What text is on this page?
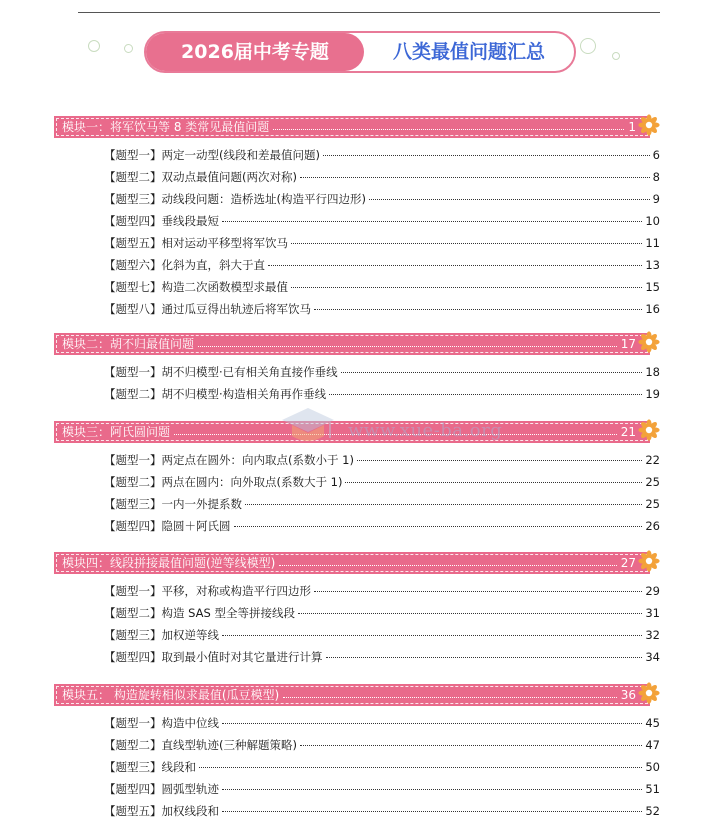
2026届中考专题	八类最值问题汇总
模块一：将军饮马等 8 类常见最值问题	1
【题型一】两定一动型(线段和差最值问题)	6
【题型二】双动点最值问题(两次对称)	8
【题型三】动线段问题：造桥选址(构造平行四边形)	9
【题型四】垂线段最短	10
【题型五】相对运动平移型将军饮马	11
【题型六】化斜为直，斜大于直	13
【题型七】构造二次函数模型求最值	15
【题型八】通过瓜豆得出轨迹后将军饮马	16
模块二：胡不归最值问题	17
【题型一】胡不归模型·已有相关角直接作垂线	18
【题型二】胡不归模型·构造相关角再作垂线	19
模块三：阿氏圆问题	21
【题型一】两定点在圆外：向内取点(系数小于 1)	22
【题型二】两点在圆内：向外取点(系数大于 1)	25
【题型三】一内一外提系数	25
【题型四】隐圆＋阿氏圆	26
模块四：线段拼接最值问题(逆等线模型)	27
【题型一】平移，对称或构造平行四边形	29
【题型二】构造 SAS 型全等拼接线段	31
【题型三】加权逆等线	32
【题型四】取到最小值时对其它量进行计算	34
模块五： 构造旋转相似求最值(瓜豆模型)	36
【题型一】构造中位线	45
【题型二】直线型轨迹(三种解题策略)	47
【题型三】线段和	50
【题型四】圆弧型轨迹	51
【题型五】加权线段和	52
www.xue-ba.org
